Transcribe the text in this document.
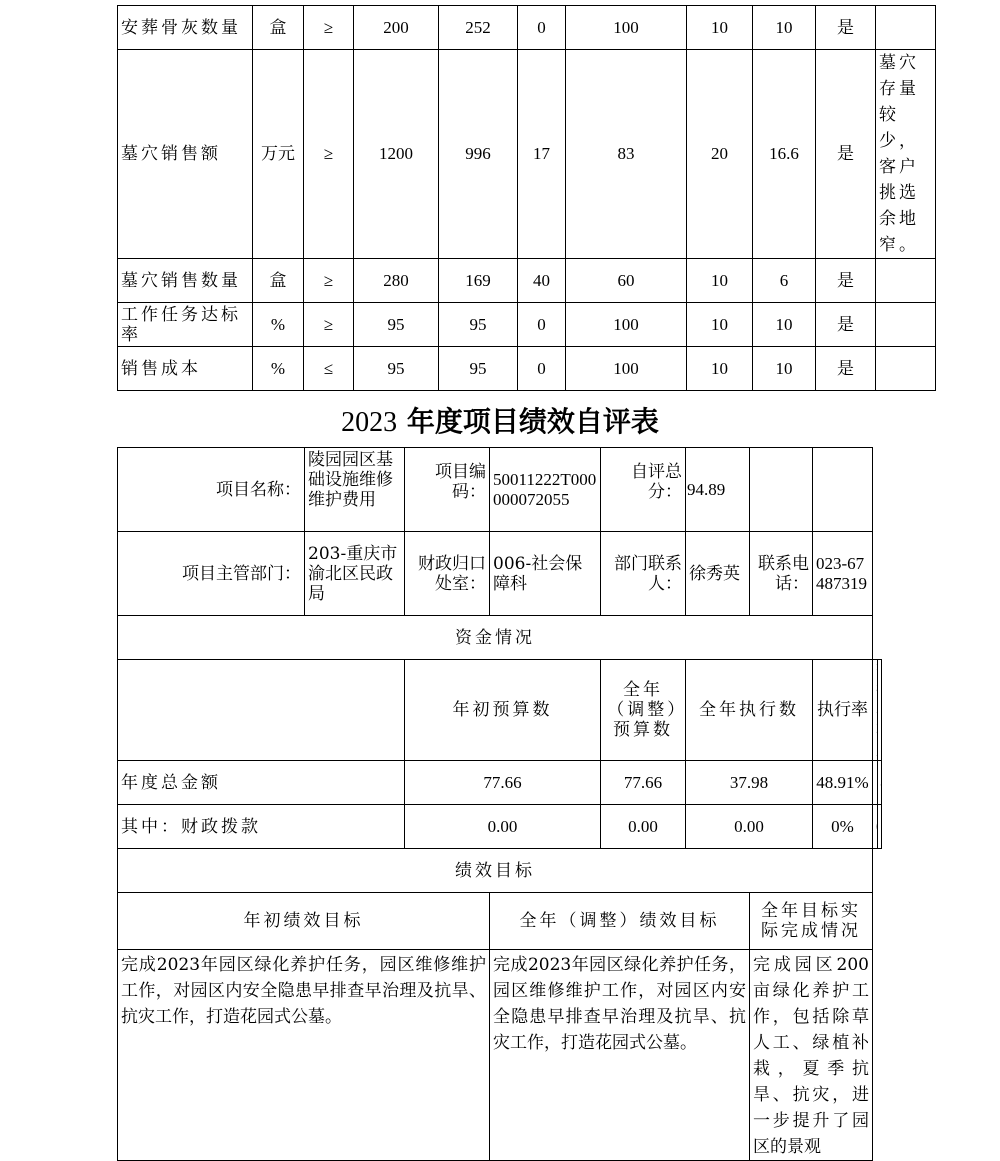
安葬骨灰数量	盒	≥	200	252	0	100	10	10	是	
墓穴销售额	万元	≥	1200	996	17	83	20	16.6	是	墓穴存量较少，客户挑选余地窄。
墓穴销售数量	盒	≥	280	169	40	60	10	6	是	
工作任务达标率	%	≥	95	95	0	100	10	10	是	
销售成本	%	≤	95	95	0	100	10	10	是	
2023 年度项目绩效自评表
项目名称：	陵园园区基础设施维修维护费用	项目编码：	50011222T000000072055	自评总分：	94.89				
项目主管部门：	203-重庆市渝北区民政局	财政归口处室：	006-社会保障科	部门联系人：	徐秀英	联系电话：	023-67487319		
资金情况									
		年初预算数		全年（调整）预算数	全年执行数		执行率		
年度总金额		77.66		77.66	37.98		48.91%		
其中：财政拨款		0.00		0.00	0.00		0%		
绩效目标									
年初绩效目标			全年（调整）绩效目标			全年目标实际完成情况			
完成2023年园区绿化养护任务，园区维修维护工作，对园区内安全隐患早排查早治理及抗旱、抗灾工作，打造花园式公墓。			完成2023年园区绿化养护任务，园区维修维护工作，对园区内安全隐患早排查早治理及抗旱、抗灾工作，打造花园式公墓。			完成园区200亩绿化养护工作，包括除草人工、绿植补栽，夏季抗旱、抗灾，进一步提升了园区的景观			
